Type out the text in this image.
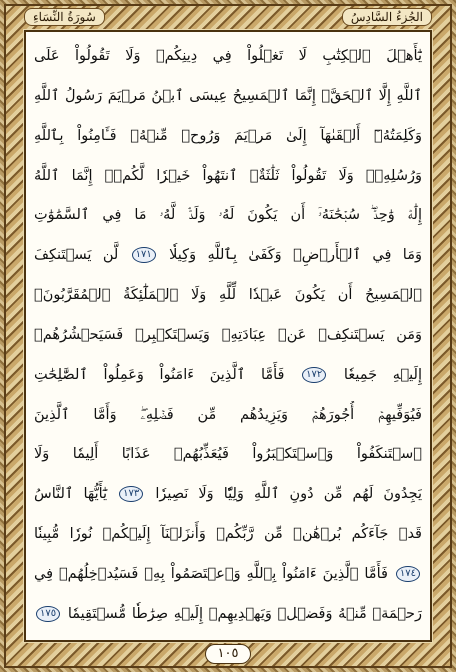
سُورَةُ النِّسَاءِ	الجُزءُ السَّادِسُ
يَٰٓأَهۡلَ ٱلۡكِتَٰبِ لَا تَغۡلُواْ فِي دِينِكُمۡ وَلَا تَقُولُواْ عَلَى
ٱللَّهِ إِلَّا ٱلۡحَقَّۚ إِنَّمَا ٱلۡمَسِيحُ عِيسَى ٱبۡنُ مَرۡيَمَ رَسُولُ ٱللَّهِ
وَكَلِمَتُهُۥٓ أَلۡقَىٰهَآ إِلَىٰ مَرۡيَمَ وَرُوحٞ مِّنۡهُۖ فَـَٔامِنُواْ بِٱللَّهِ
وَرُسُلِهِۦۖ وَلَا تَقُولُواْ ثَلَٰثَةٌۚ ٱنتَهُواْ خَيۡرٗا لَّكُمۡۚ إِنَّمَا ٱللَّهُ
إِلَٰهٞ وَٰحِدٞۖ سُبۡحَٰنَهُۥٓ أَن يَكُونَ لَهُۥ وَلَدٞۘ لَّهُۥ مَا فِي ٱلسَّمَٰوَٰتِ
وَمَا فِي ٱلۡأَرۡضِۗ وَكَفَىٰ بِٱللَّهِ وَكِيلٗا ١٧١ لَّن يَسۡتَنكِفَ
ٱلۡمَسِيحُ أَن يَكُونَ عَبۡدٗا لِّلَّهِ وَلَا ٱلۡمَلَٰٓئِكَةُ ٱلۡمُقَرَّبُونَۚ
وَمَن يَسۡتَنكِفۡ عَنۡ عِبَادَتِهِۦ وَيَسۡتَكۡبِرۡ فَسَيَحۡشُرُهُمۡ
إِلَيۡهِ جَمِيعٗا ١٧٢ فَأَمَّا ٱلَّذِينَ ءَامَنُواْ وَعَمِلُواْ ٱلصَّٰلِحَٰتِ
فَيُوَفِّيهِمۡ أُجُورَهُمۡ وَيَزِيدُهُم مِّن فَضۡلِهِۦۖ وَأَمَّا ٱلَّذِينَ
ٱسۡتَنكَفُواْ وَٱسۡتَكۡبَرُواْ فَيُعَذِّبُهُمۡ عَذَابًا أَلِيمٗا وَلَا
يَجِدُونَ لَهُم مِّن دُونِ ٱللَّهِ وَلِيّٗا وَلَا نَصِيرٗا ١٧٣ يَٰٓأَيُّهَا ٱلنَّاسُ
قَدۡ جَآءَكُم بُرۡهَٰنٞ مِّن رَّبِّكُمۡ وَأَنزَلۡنَآ إِلَيۡكُمۡ نُورٗا مُّبِينٗا
١٧٤ فَأَمَّا ٱلَّذِينَ ءَامَنُواْ بِٱللَّهِ وَٱعۡتَصَمُواْ بِهِۦ فَسَيُدۡخِلُهُمۡ فِي
رَحۡمَةٖ مِّنۡهُ وَفَضۡلٖ وَيَهۡدِيهِمۡ إِلَيۡهِ صِرَٰطٗا مُّسۡتَقِيمٗا ١٧٥
١٠٥
